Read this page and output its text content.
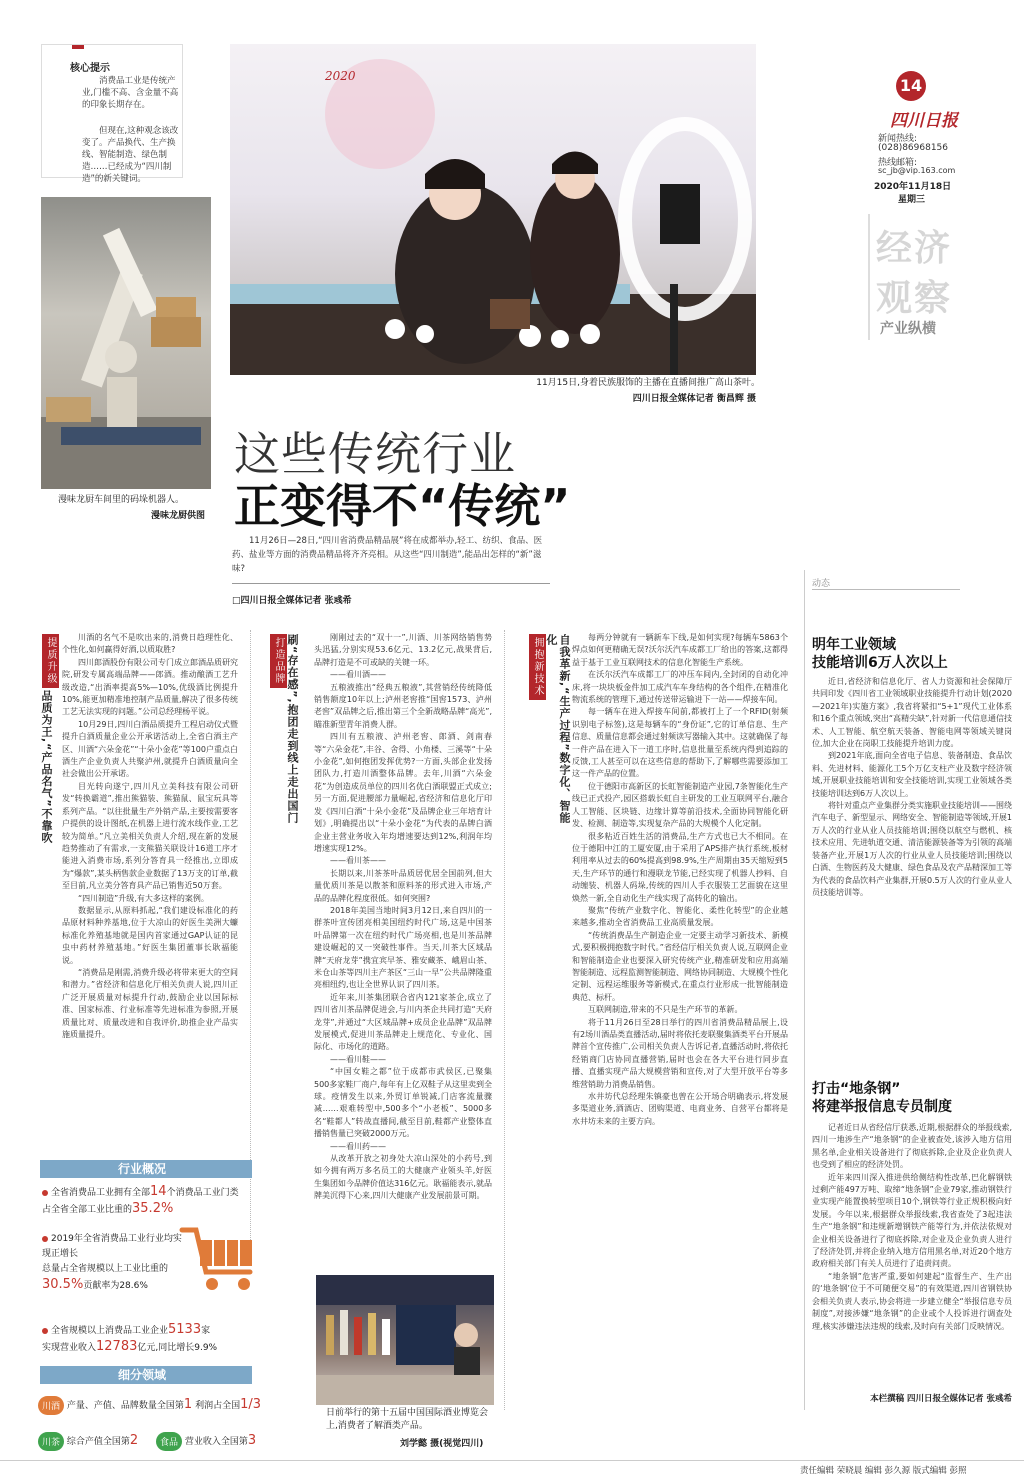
核心提示
消费品工业是传统产业,门槛不高、含金量不高的印象长期存在。
但现在,这种观念该改变了。产品换代、生产换线、智能制造、绿色制造……已经成为“四川制造”的新关键词。
漫味龙厨车间里的码垛机器人。
漫味龙厨供图
2020
11月15日,身着民族服饰的主播在直播间推广高山茶叶。
四川日报全媒体记者 衡昌辉 摄
14
四川日报
新闻热线:
(028)86968156
热线邮箱:
sc_jb@vip.163.com
2020年11月18日
星期三
经济
观察
产业纵横
这些传统行业
正变得不“传统”
11月26日—28日,“四川省消费品精品展”将在成都举办,轻工、纺织、食品、医药、盐业等方面的消费品精品将齐齐亮相。从这些“四川制造”,能品出怎样的“新”滋味?
□四川日报全媒体记者 张彧希
提质升级
品质为王,“产品名气”不靠吹

川酒的名气不是吹出来的,消费日趋理性化、个性化,如何赢得好酒,以质取胜?

四川郎酒股份有限公司专门成立郎酒品质研究院,研发专属高端品牌——郎酒。推动酿酒工艺升级改造,“出酒率提高5%—10%,优级酒比例提升10%,能更加精准地控制产品质量,解决了很多传统工艺无法实现的问题。”公司总经理杨平说。

10月29日,四川白酒品质提升工程启动仪式暨提升白酒质量企业公开承诺活动上,全省白酒主产区、川酒“六朵金花”“十朵小金花”等100户重点白酒生产企业负责人共聚泸州,就提升白酒质量向全社会做出公开承诺。

目光转向遂宁,四川凡立美科技有限公司研发“转换霸道”,推出熊猫装、熊猫鼠、鼠宝玩具等系列产品。“以往批量生产外销产品,主要按需要客户提供的设计图纸,在机器上进行流水线作业,工艺较为简单。”凡立美相关负责人介绍,现在新的发展趋势推动了有需求,一支熊猫关联设计16道工序才能进入消费市场,系列分答育具一经推出,立即成为“爆款”,某头柄售款企业数据了13万支的订单,截至目前,凡立美分答育具产品已销售近50万套。

“四川制造”升级,有大多这样的案例。

数据显示,从原料抓起,“我们建设标准化的药品原材料种养基地,位于大凉山的好医生美洲大蠊标准化养殖基地就是国内首家通过GAP认证的昆虫中药材养殖基地。”好医生集团董事长耿福能说。

“消费品是刚需,消费升级必将带来更大的空间和潜力。”省经济和信息化厅相关负责人说,四川正广泛开展质量对标提升行动,鼓励企业以国际标准、国家标准、行业标准等先进标准为参照,开展质量比对、质量改进和自我评价,助推企业产品实施质量提升。

打造品牌 刷“存在感”,抱团走到线上走出国门	刚刚过去的“双十一”,川酒、川茶网络销售势头迅猛,分别实现53.6亿元、13.2亿元,战果背后,品牌打造是不可或缺的关键一环。

——看川酒——

五粮液推出“经典五粮液”,其营销经传统降低销售额度10年以上;泸州老窖推“国窖1573、泸州老窖”双品牌之后,推出第三个全新战略品牌“高光”,瞄准新型青年消费人群。

四川有五粮液、泸州老窖、郎酒、剑南春等“六朵金花”,丰谷、舍得、小角楼、三溪等“十朵小金花”,如何抱团发挥优势?一方面,头部企业发扬团队力,打造川酒整体品牌。去年,川酒“六朵金花”为创造成员单位的四川名优白酒联盟正式成立;另一方面,促进腰部力量崛起,省经济和信息化厅印发《四川白酒“十朵小金花”及品牌企业三年培育计划》,明确提出以“十朵小金花”为代表的品牌白酒企业主营业务收入年均增速要达到12%,利润年均增速实现12%。

——看川茶——

长期以来,川茶茶叶品质居优居全国前列,但大量优质川茶是以散茶和原料茶的形式进入市场,产品的品牌化程度很低。如何突围?

2018年美国当地时间3月12日,来自四川的一群茶叶宣传团亮相美国纽约时代广场,这是中国茶叶品牌第一次在纽约时代广场亮相,也是川茶品牌建设崛起的又一突破性事件。当天,川茶大区域品牌“天府龙芽”携宜宾早茶、雅安藏茶、峨眉山茶、米仓山茶等四川主产茶区“三山一早”公共品牌隆重亮相纽约,也让全世界认识了四川茶。

近年来,川茶集团联合省内121家茶企,成立了四川省川茶品牌促进会,与川内茶企共同打造“天府龙芽”,并通过“大区域品牌+成员企业品牌”双品牌发展模式,促进川茶品牌走上规范化、专业化、国际化、市场化的道路。

——看川鞋——

“中国女鞋之都”位于成都市武侯区,已聚集500多家鞋厂商户,每年有上亿双鞋子从这里卖到全球。疫情发生以来,外贸订单锐减,门店客流量骤减……艰难转型中,500多个“小老板”、5000多名“鞋都人”转战直播间,截至目前,鞋都产业整体直播销售量已突破2000万元。

——看川药——

从改革开放之初身处大凉山深处的小药号,到如今拥有两万多名员工的大健康产业领头羊,好医生集团如今品牌价值达316亿元。耿福能表示,就品牌美沉得下心来,四川大健康产业发展前景可期。

拥抱新技术	自我革新,“生产过程”数字化、智能化	每两分钟就有一辆新车下线,是如何实现?每辆车5863个焊点如何更精确无误?沃尔沃汽车成都工厂给出的答案,这都得益于基于工业互联网技术的信息化智能生产系统。

在沃尔沃汽车成都工厂的冲压车间内,全封闭的自动化冲床,将一块块板金件加工成汽车车身结构的各个组件,在精准化物流系统的管理下,通过传送带运输进下一站——焊接车间。

每一辆车在进入焊接车间前,都被打上了一个RFID(射频识别电子标签),这是每辆车的“身份证”,它的订单信息、生产信息、质量信息都会通过射频读写器输入其中。这就确保了每一件产品在进入下一道工序时,信息批量至系统内得到追踪的反馈,工人甚至可以在这些信息的帮助下,了解哪些需要添加工这一件产品的位置。

位于德阳市高新区的长虹智能制造产业园,7条智能化生产线已正式投产,园区搭载长虹自主研发的工业互联网平台,融合人工智能、区块链、边缘计算等前沿技术,全面协同智能化研发、检测、制造等,实现复杂产品的大规模个人化定制。

很多粘近百姓生活的消费品,生产方式也已大不相同。在位于德阳中江的工厦安厦,由于采用了APS排产执行系统,板材利用率从过去的60%提高到98.9%,生产周期由35天缩短到5天,生产环节的通行和漫联龙节能,已经实现了机器人抄料、自动缠装、机器人码垛,传统的四川人手衣服装工艺面貌在这里焕然一新,全自动化生产线实现了高转化的输出。

聚焦“传统产业数字化、智能化、柔性化转型”的企业越来越多,推动全省消费品工业高质量发展。

“传统消费品生产制造企业一定要主动学习新技术、新模式,要积极拥抱数字时代。”省经信厅相关负责人说,互联网企业和智能制造企业也要深入研究传统产业,精准研发和应用高端智能制造、远程监测智能制造、网络协同制造、大规模个性化定制、远程运维服务等新模式,在重点行业形成一批智能制造典范、标杆。

互联网制造,带来的不只是生产环节的革新。

将于11月26日至28日举行的四川省消费品精品展上,设有2场川酒品类直播活动,届时将依托麦联聚集酒类平台开展品牌首个宣传推广,公司相关负责人告诉记者,直播活动时,将依托经销商门店协同直播营销,届时也会在各大平台进行同步直播、直播实现产品大规模营销和宣传,对了大型开放平台等多维营销助力消费品销售。

水井坊代总经理朱镇豪也曾在公开场合明确表示,将发展多渠道业务,酒酒店、团购渠道、电商业务、自营平台都将是水井坊未来的主要方向。

行业概况
全省消费品工业拥有全部14个消费品工业门类
占全省全部工业比重的35.2%
2019年全省消费品工业行业均实现正增长
总量占全省规模以上工业比重的30.5%贡献率为28.6%
全省规模以上消费品工业企业5133家
实现营业收入12783亿元,同比增长9.9%
细分领域
川酒 产量、产值、品牌数量全国第1 利润占全国1/3
川茶 综合产值全国第2	食品 营业收入全国第3
日前举行的第十五届中国国际酒业博览会上,消费者了解酒类产品。
刘学懿 摄(视觉四川)
动态
明年工业领域
技能培训6万人次以上

近日,省经济和信息化厅、省人力资源和社会保障厅共同印发《四川省工业领域职业技能提升行动计划(2020—2021年)实施方案》,我省将紧扣“5+1”现代工业体系和16个重点领域,突出“高精尖缺”,针对新一代信息通信技术、人工智能、航空航天装备、智能电网等领域关键岗位,加大企业在岗职工技能提升培训力度。

到2021年底,面向全省电子信息、装备制造、食品饮料、先进材料、能源化工5个万亿支柱产业及数字经济领域,开展职业技能培训和安全技能培训,实现工业领域各类技能培训达到6万人次以上。

将针对重点产业集群分类实施职业技能培训——围绕汽车电子、新型显示、网络安全、智能制造等领域,开展1万人次的行业从业人员技能培训;围绕以航空与燃机、核技术应用、先进轨道交通、清洁能源装备等为引领的高端装备产业,开展1万人次的行业从业人员技能培训;围绕以白酒、生物医药及大健康、绿色食品及农产品精深加工等为代表的食品饮料产业集群,开展0.5万人次的行业从业人员技能培训等。

打击“地条钢”
将建举报信息专员制度

记者近日从省经信厅获悉,近期,根据群众的举报线索,四川一地涉生产“地条钢”的企业被查处,该涉入地方信用黑名单,企业相关设备进行了彻底拆除,企业及企业负责人也受到了相应的经济处罚。

近年来四川深入推进供给侧结构性改革,巴化解钢铁过剩产能497万吨、取缔“地条钢”企业79家,推动钢铁行业实现产能置换转型项目10个,钢铁等行业正规积极向好发展。今年以来,根据群众举报线索,我省查处了3起违法生产“地条钢”和违规新增钢铁产能等行为,并依法依规对企业相关设备进行了彻底拆除,对企业及企业负责人进行了经济处罚,并将企业纳入地方信用黑名单,对近20个地方政府相关部门有关人员进行了追责问责。

“地条钢”危害严重,要如何建起“监督生产、生产出的‘地条钢’位于不可随便交易”的有效渠道,四川省钢铁协会相关负责人表示,协会将进一步建立健全“举报信息专员制度”,对接涉嫌“地条钢”的企业或个人投诉进行调查处理,核实涉嫌违法违规的线索,及时向有关部门反映情况。

本栏撰稿 四川日报全媒体记者 张彧希
责任编辑 荣晓晨 编辑 彭久源 版式编辑 彭照
